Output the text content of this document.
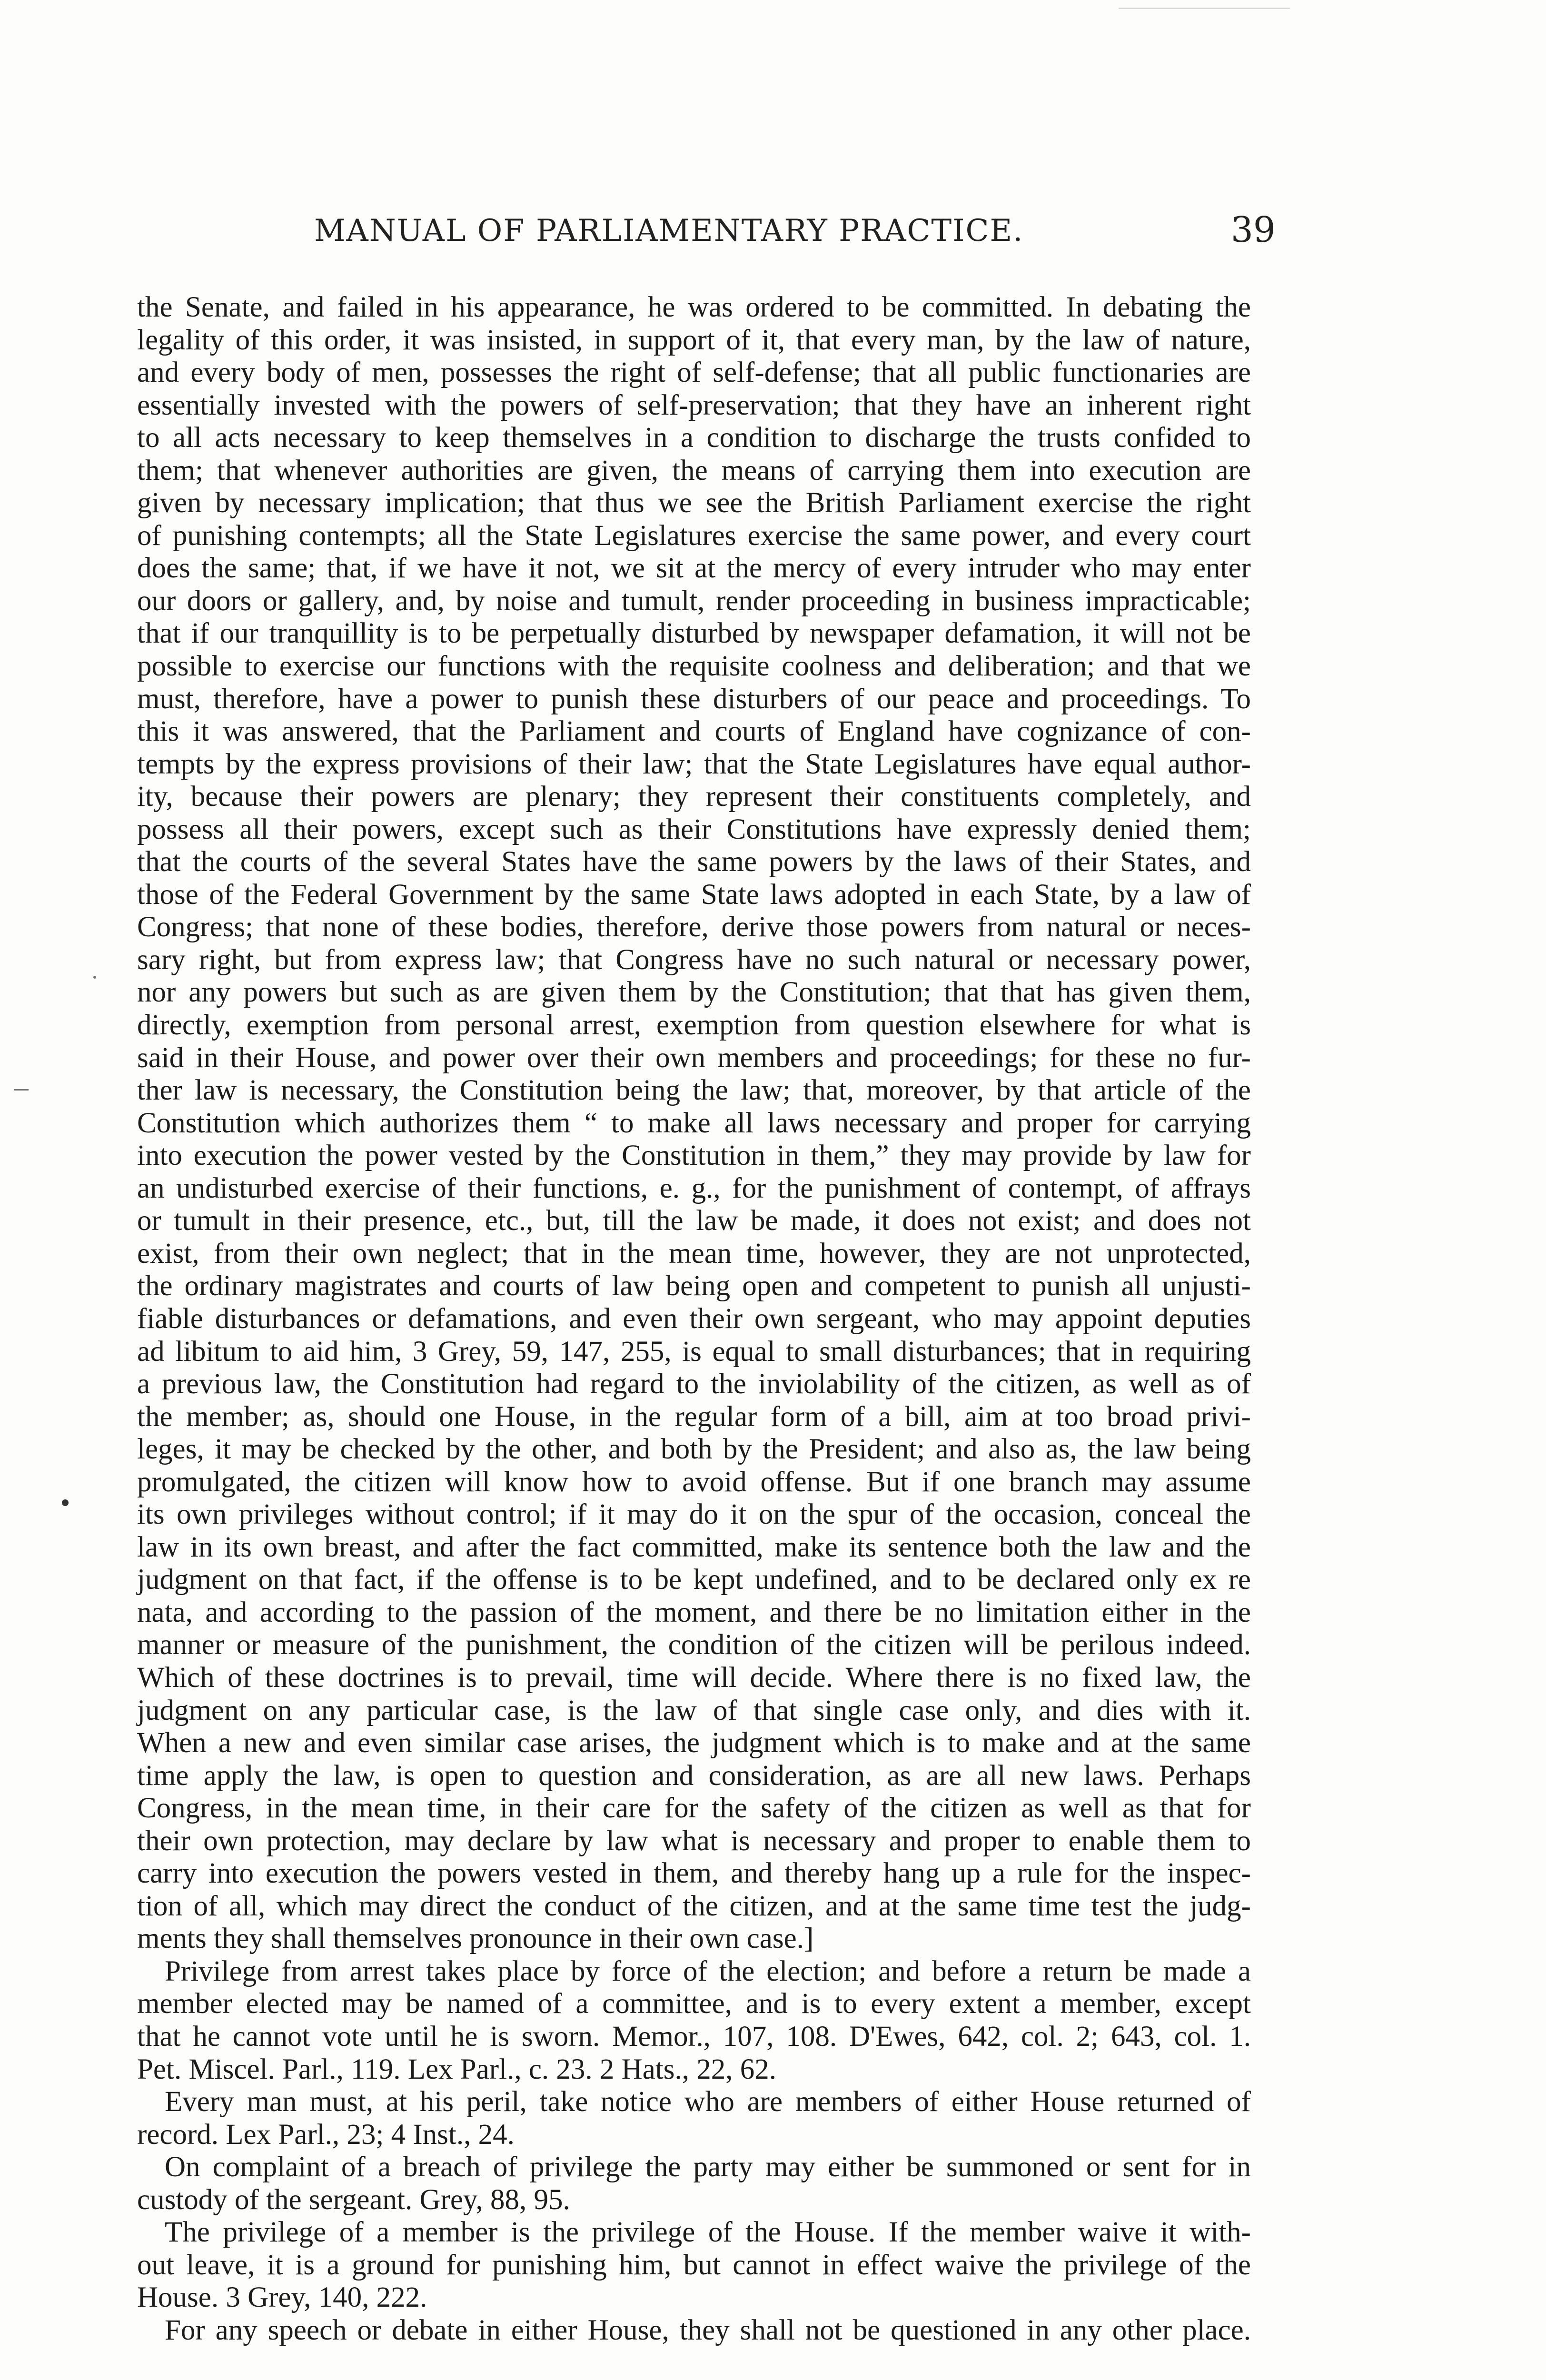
MANUAL OF PARLIAMENTARY PRACTICE.	39
the Senate, and failed in his appearance, he was ordered to be committed. In debating the
legality of this order, it was insisted, in support of it, that every man, by the law of nature,
and every body of men, possesses the right of self-defense; that all public functionaries are
essentially invested with the powers of self-preservation; that they have an inherent right
to all acts necessary to keep themselves in a condition to discharge the trusts confided to
them; that whenever authorities are given, the means of carrying them into execution are
given by necessary implication; that thus we see the British Parliament exercise the right
of punishing contempts; all the State Legislatures exercise the same power, and every court
does the same; that, if we have it not, we sit at the mercy of every intruder who may enter
our doors or gallery, and, by noise and tumult, render proceeding in business impracticable;
that if our tranquillity is to be perpetually disturbed by newspaper defamation, it will not be
possible to exercise our functions with the requisite coolness and deliberation; and that we
must, therefore, have a power to punish these disturbers of our peace and proceedings. To
this it was answered, that the Parliament and courts of England have cognizance of con-
tempts by the express provisions of their law; that the State Legislatures have equal author-
ity, because their powers are plenary; they represent their constituents completely, and
possess all their powers, except such as their Constitutions have expressly denied them;
that the courts of the several States have the same powers by the laws of their States, and
those of the Federal Government by the same State laws adopted in each State, by a law of
Congress; that none of these bodies, therefore, derive those powers from natural or neces-
sary right, but from express law; that Congress have no such natural or necessary power,
nor any powers but such as are given them by the Constitution; that that has given them,
directly, exemption from personal arrest, exemption from question elsewhere for what is
said in their House, and power over their own members and proceedings; for these no fur-
ther law is necessary, the Constitution being the law; that, moreover, by that article of the
Constitution which authorizes them “ to make all laws necessary and proper for carrying
into execution the power vested by the Constitution in them,” they may provide by law for
an undisturbed exercise of their functions, e. g., for the punishment of contempt, of affrays
or tumult in their presence, etc., but, till the law be made, it does not exist; and does not
exist, from their own neglect; that in the mean time, however, they are not unprotected,
the ordinary magistrates and courts of law being open and competent to punish all unjusti-
fiable disturbances or defamations, and even their own sergeant, who may appoint deputies
ad libitum to aid him, 3 Grey, 59, 147, 255, is equal to small disturbances; that in requiring
a previous law, the Constitution had regard to the inviolability of the citizen, as well as of
the member; as, should one House, in the regular form of a bill, aim at too broad privi-
leges, it may be checked by the other, and both by the President; and also as, the law being
promulgated, the citizen will know how to avoid offense. But if one branch may assume
its own privileges without control; if it may do it on the spur of the occasion, conceal the
law in its own breast, and after the fact committed, make its sentence both the law and the
judgment on that fact, if the offense is to be kept undefined, and to be declared only ex re
nata, and according to the passion of the moment, and there be no limitation either in the
manner or measure of the punishment, the condition of the citizen will be perilous indeed.
Which of these doctrines is to prevail, time will decide. Where there is no fixed law, the
judgment on any particular case, is the law of that single case only, and dies with it.
When a new and even similar case arises, the judgment which is to make and at the same
time apply the law, is open to question and consideration, as are all new laws. Perhaps
Congress, in the mean time, in their care for the safety of the citizen as well as that for
their own protection, may declare by law what is necessary and proper to enable them to
carry into execution the powers vested in them, and thereby hang up a rule for the inspec-
tion of all, which may direct the conduct of the citizen, and at the same time test the judg-
ments they shall themselves pronounce in their own case.]
Privilege from arrest takes place by force of the election; and before a return be made a
member elected may be named of a committee, and is to every extent a member, except
that he cannot vote until he is sworn. Memor., 107, 108. D'Ewes, 642, col. 2; 643, col. 1.
Pet. Miscel. Parl., 119. Lex Parl., c. 23. 2 Hats., 22, 62.
Every man must, at his peril, take notice who are members of either House returned of
record. Lex Parl., 23; 4 Inst., 24.
On complaint of a breach of privilege the party may either be summoned or sent for in
custody of the sergeant. Grey, 88, 95.
The privilege of a member is the privilege of the House. If the member waive it with-
out leave, it is a ground for punishing him, but cannot in effect waive the privilege of the
House. 3 Grey, 140, 222.
For any speech or debate in either House, they shall not be questioned in any other place.
